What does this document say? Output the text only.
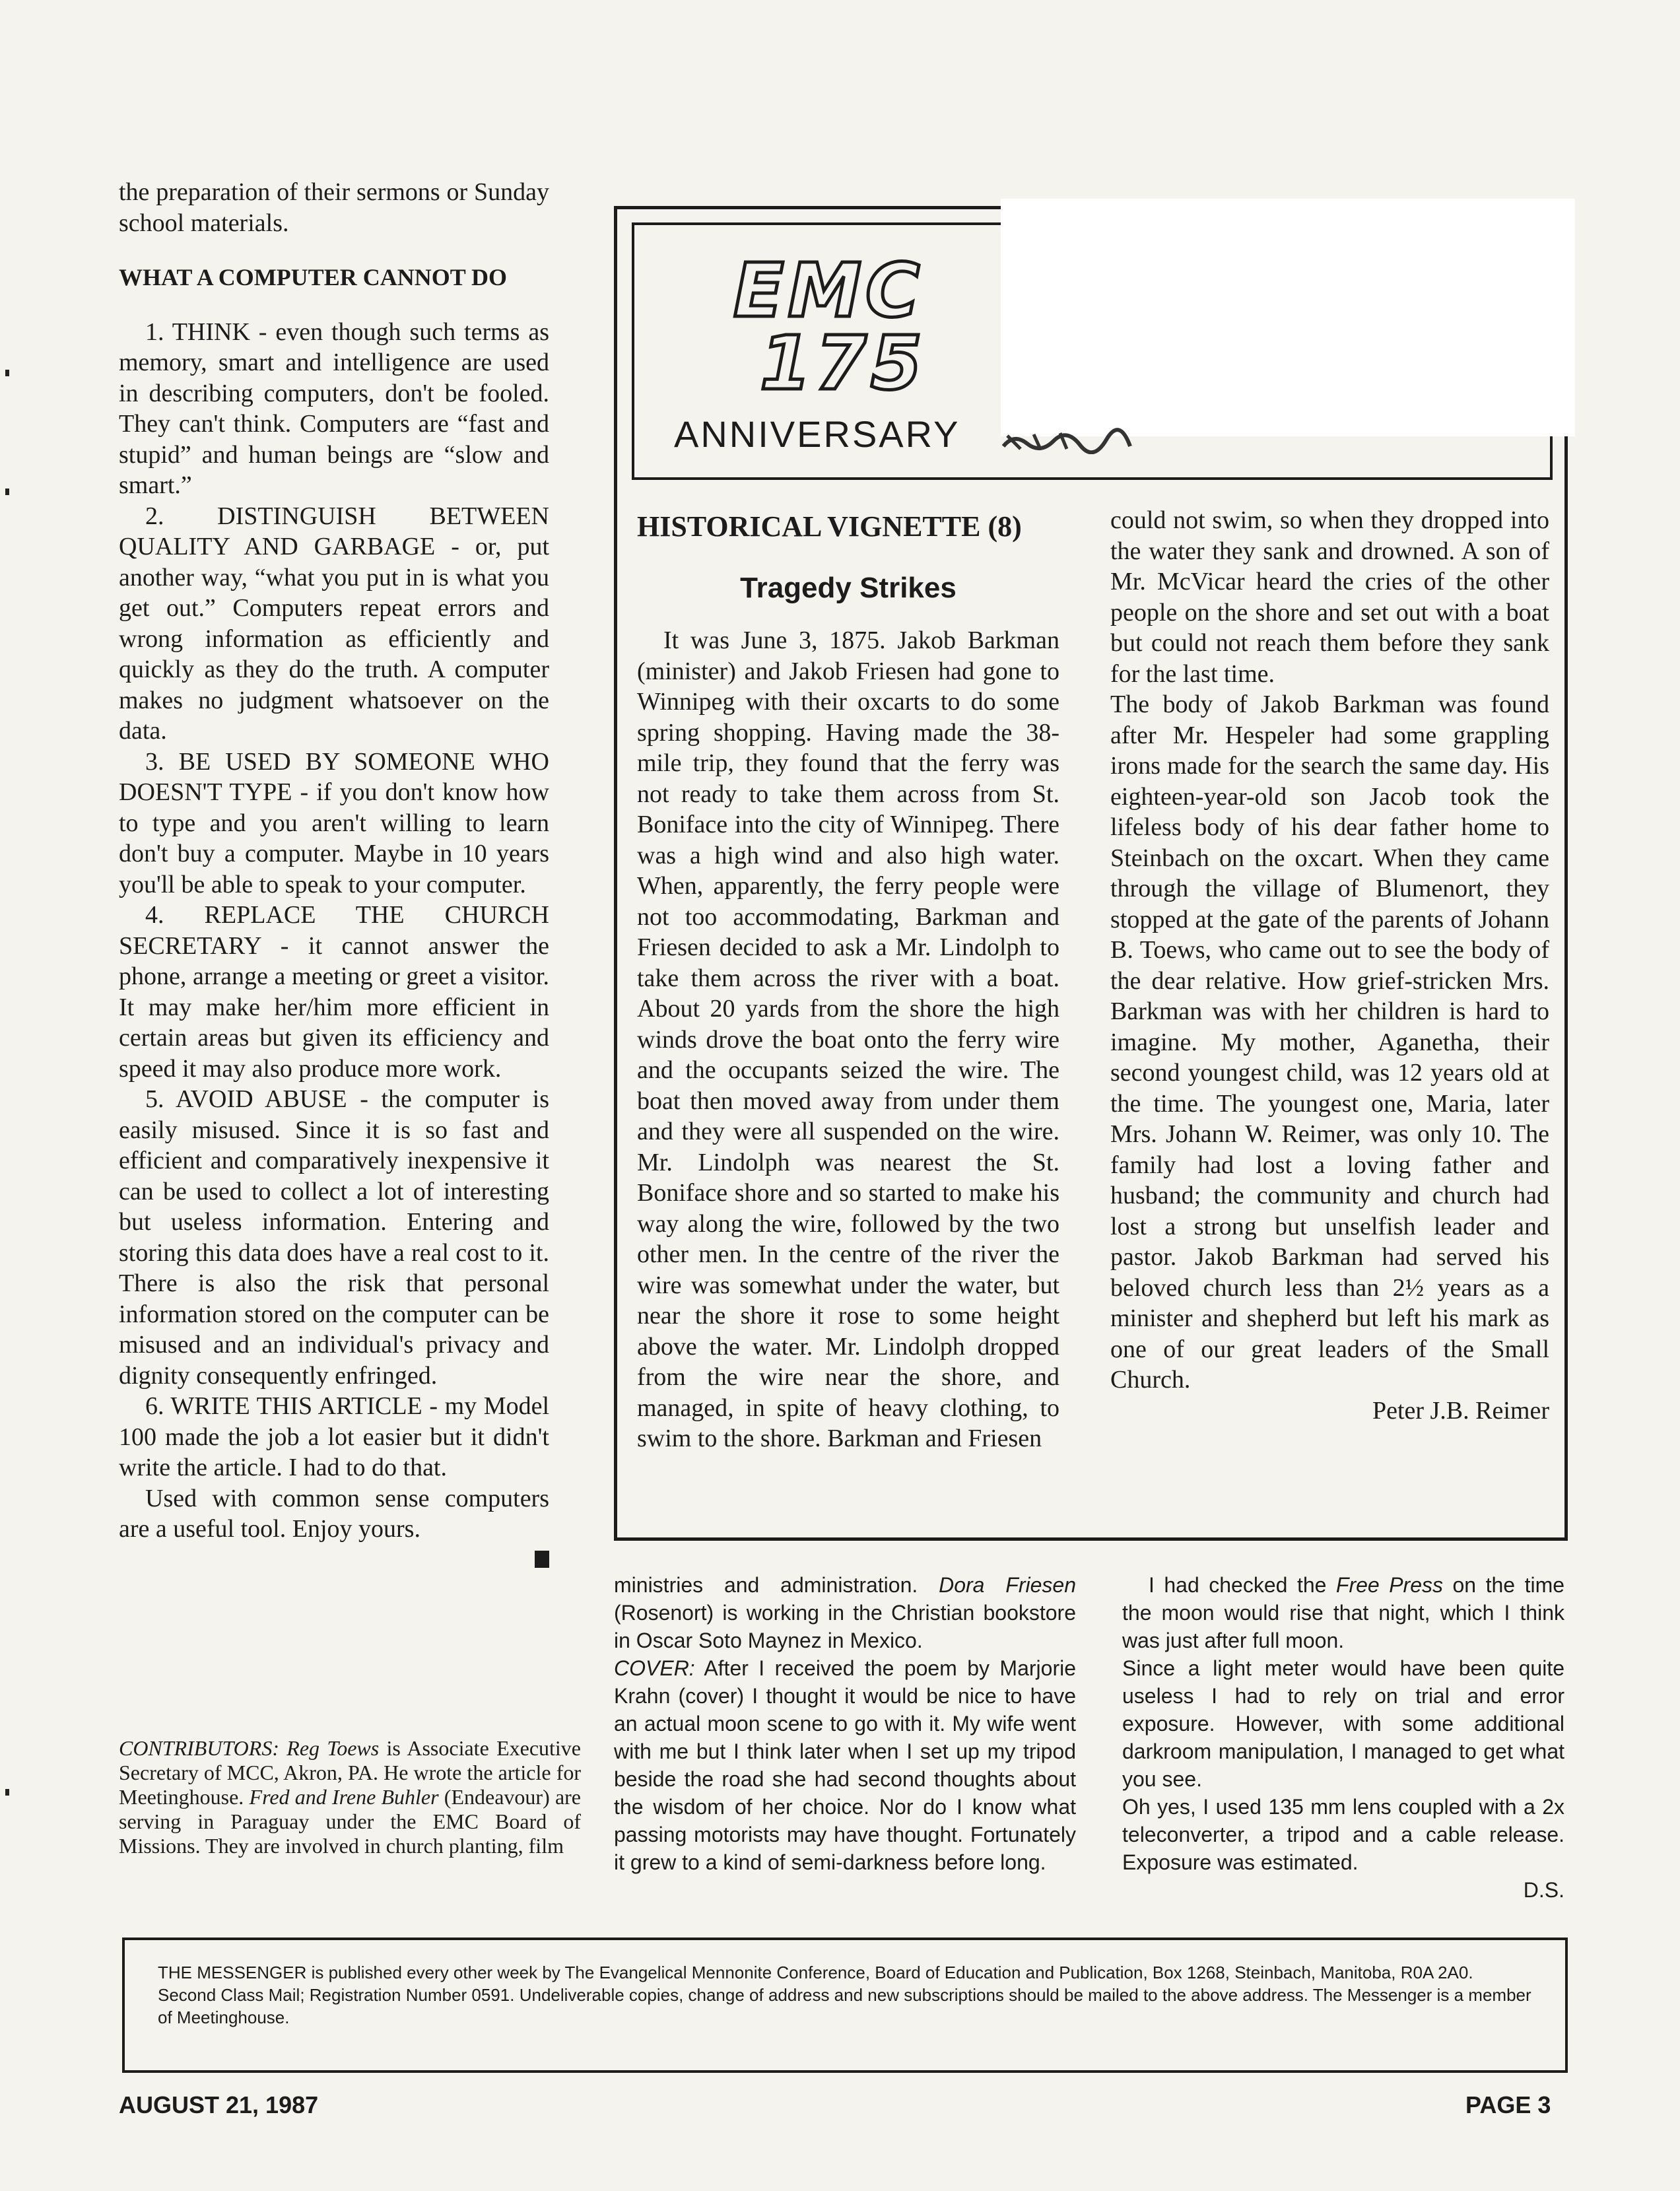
the preparation of their sermons or Sunday school materials.

WHAT A COMPUTER CANNOT DO

1. THINK - even though such terms as memory, smart and intelligence are used in describing computers, don't be fooled. They can't think. Computers are “fast and stupid” and human beings are “slow and smart.”

2. DISTINGUISH BETWEEN QUALITY AND GARBAGE - or, put another way, “what you put in is what you get out.” Computers repeat errors and wrong information as efficiently and quickly as they do the truth. A computer makes no judgment whatsoever on the data.

3. BE USED BY SOMEONE WHO DOESN'T TYPE - if you don't know how to type and you aren't willing to learn don't buy a computer. Maybe in 10 years you'll be able to speak to your computer.

4. REPLACE THE CHURCH SECRETARY - it cannot answer the phone, arrange a meeting or greet a visitor. It may make her/him more efficient in certain areas but given its efficiency and speed it may also produce more work.

5. AVOID ABUSE - the computer is easily misused. Since it is so fast and efficient and comparatively inexpensive it can be used to collect a lot of interesting but useless information. Entering and storing this data does have a real cost to it. There is also the risk that personal information stored on the computer can be misused and an individual's privacy and dignity consequently enfringed.

6. WRITE THIS ARTICLE - my Model 100 made the job a lot easier but it didn't write the article. I had to do that.

Used with common sense computers are a useful tool. Enjoy yours.

CONTRIBUTORS: Reg Toews is Associate Executive Secretary of MCC, Akron, PA. He wrote the article for Meetinghouse. Fred and Irene Buhler (Endeavour) are serving in Paraguay under the EMC Board of Missions. They are involved in church planting, film
EMC
175
ANNIVERSARY
HISTORICAL VIGNETTE (8)
Tragedy Strikes

It was June 3, 1875. Jakob Barkman (minister) and Jakob Friesen had gone to Winnipeg with their oxcarts to do some spring shopping. Having made the 38-mile trip, they found that the ferry was not ready to take them across from St. Boniface into the city of Winnipeg. There was a high wind and also high water. When, apparently, the ferry people were not too accommodating, Barkman and Friesen decided to ask a Mr. Lindolph to take them across the river with a boat. About 20 yards from the shore the high winds drove the boat onto the ferry wire and the occupants seized the wire. The boat then moved away from under them and they were all suspended on the wire. Mr. Lindolph was nearest the St. Boniface shore and so started to make his way along the wire, followed by the two other men. In the centre of the river the wire was somewhat under the water, but near the shore it rose to some height above the water. Mr. Lindolph dropped from the wire near the shore, and managed, in spite of heavy clothing, to swim to the shore. Barkman and Friesen

could not swim, so when they dropped into the water they sank and drowned. A son of Mr. McVicar heard the cries of the other people on the shore and set out with a boat but could not reach them before they sank for the last time.

The body of Jakob Barkman was found after Mr. Hespeler had some grappling irons made for the search the same day. His eighteen-year-old son Jacob took the lifeless body of his dear father home to Steinbach on the oxcart. When they came through the village of Blumenort, they stopped at the gate of the parents of Johann B. Toews, who came out to see the body of the dear relative. How grief-stricken Mrs. Barkman was with her children is hard to imagine. My mother, Aganetha, their second youngest child, was 12 years old at the time. The youngest one, Maria, later Mrs. Johann W. Reimer, was only 10. The family had lost a loving father and husband; the community and church had lost a strong but unselfish leader and pastor. Jakob Barkman had served his beloved church less than 2½ years as a minister and shepherd but left his mark as one of our great leaders of the Small Church.

Peter J.B. Reimer

ministries and administration. Dora Friesen (Rosenort) is working in the Christian bookstore in Oscar Soto Maynez in Mexico.

COVER: After I received the poem by Marjorie Krahn (cover) I thought it would be nice to have an actual moon scene to go with it. My wife went with me but I think later when I set up my tripod beside the road she had second thoughts about the wisdom of her choice. Nor do I know what passing motorists may have thought. Fortunately it grew to a kind of semi-darkness before long.

I had checked the Free Press on the time the moon would rise that night, which I think was just after full moon.

Since a light meter would have been quite useless I had to rely on trial and error exposure. However, with some additional darkroom manipulation, I managed to get what you see.

Oh yes, I used 135 mm lens coupled with a 2x teleconverter, a tripod and a cable release. Exposure was estimated.

D.S.

THE MESSENGER is published every other week by The Evangelical Mennonite Conference, Board of Education and Publication, Box 1268, Steinbach, Manitoba, R0A 2A0. Second Class Mail; Registration Number 0591. Undeliverable copies, change of address and new subscriptions should be mailed to the above address. The Messenger is a member of Meetinghouse.

AUGUST 21, 1987	PAGE 3
